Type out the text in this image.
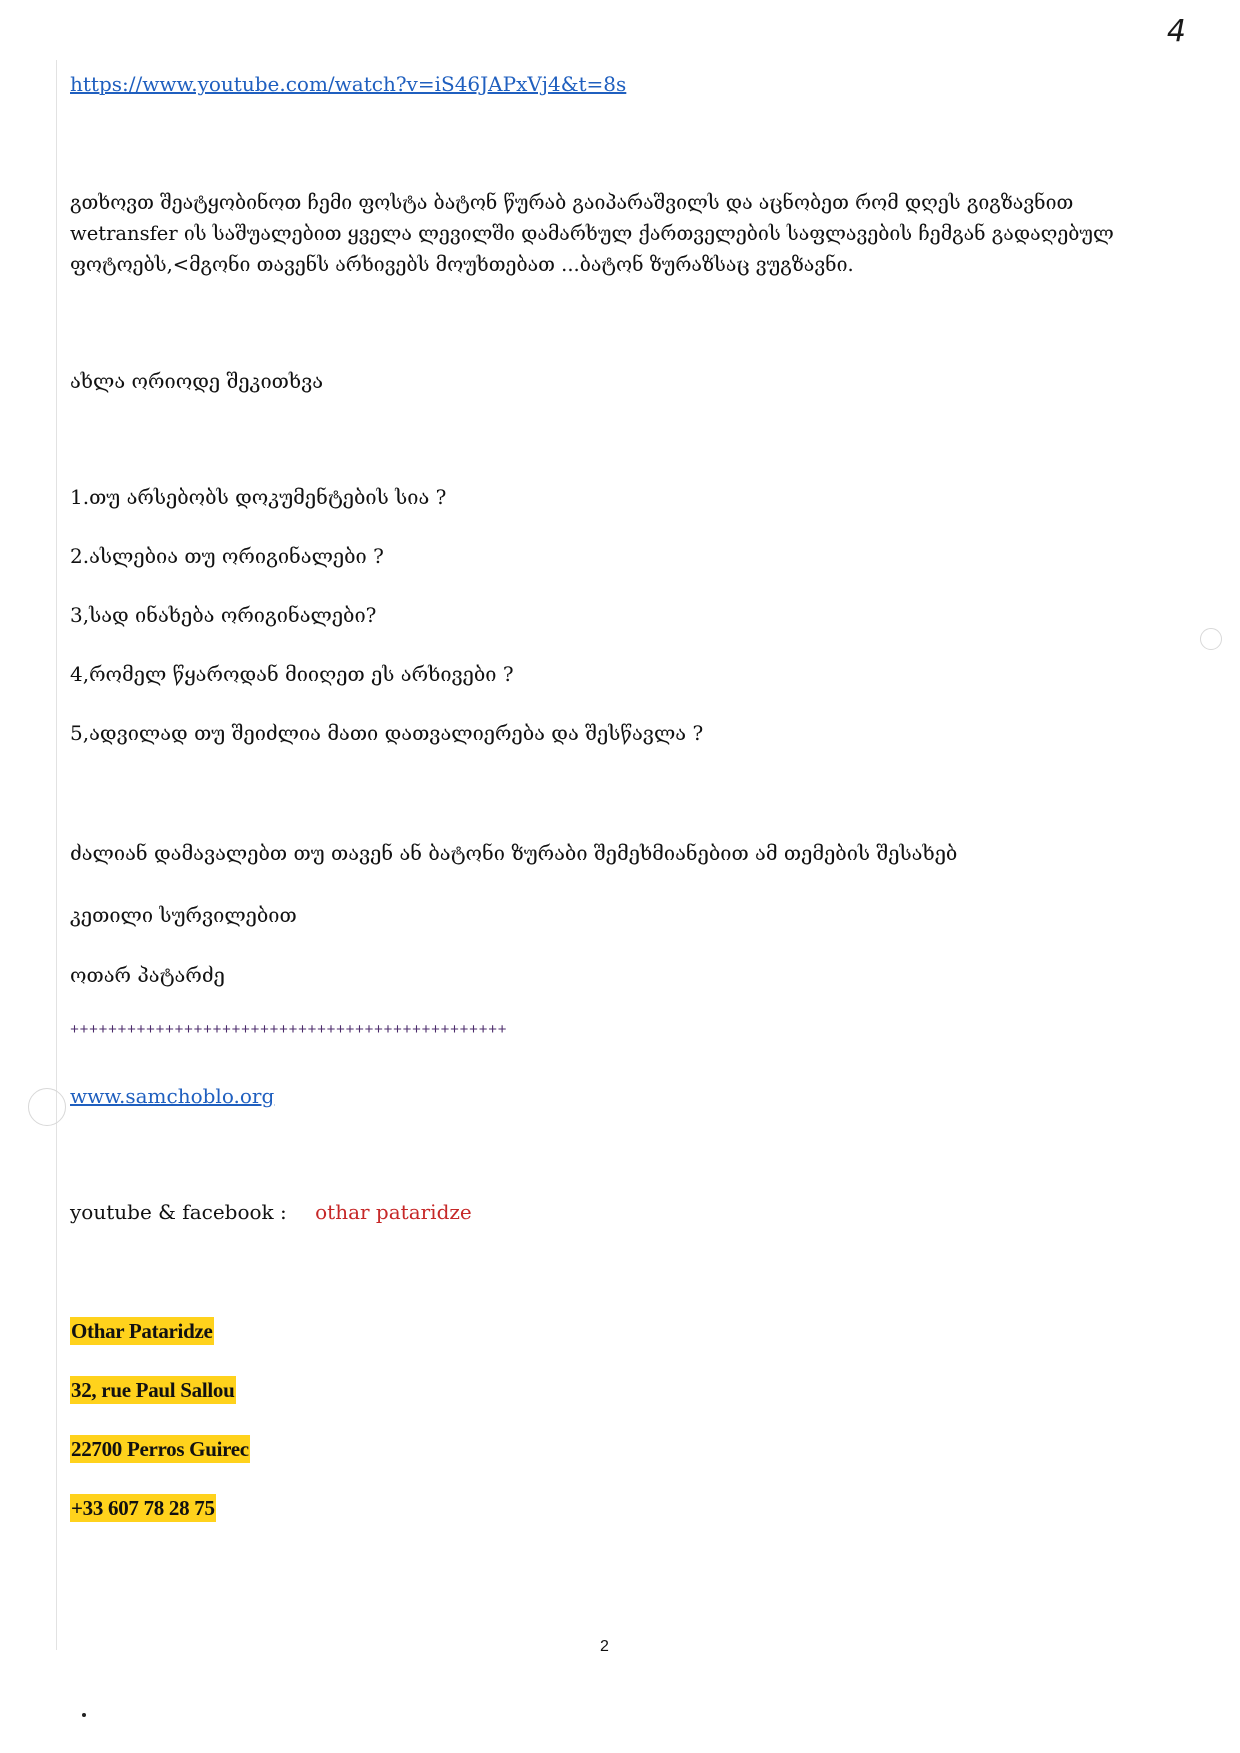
4
https://www.youtube.com/watch?v=iS46JAPxVj4&t=8s
გთხოვთ შეატყობინოთ ჩემი ფოსტა ბატონ წურაბ გაიპარაშვილს და აცნობეთ რომ დღეს გიგზავნით
wetransfer ის საშუალებით ყველა ლევილში დამარხულ ქართველების საფლავების ჩემგან გადაღებულ
ფოტოებს,<მგონი თავენს არხივებს მოუხთებათ ...ბატონ ზურაზსაც ვუგზავნი.
ახლა ორიოდე შეკითხვა
1.თუ არსებობს დოკუმენტების სია ?
2.ასლებია თუ ორიგინალები ?
3,სად ინახება ორიგინალები?
4,რომელ წყაროდან მიიღეთ ეს არხივები ?
5,ადვილად თუ შეიძლია მათი დათვალიერება და შესწავლა ?
ძალიან დამავალებთ თუ თავენ ან ბატონი ზურაბი შემეხმიანებით ამ თემების შესახებ
კეთილი სურვილებით
ოთარ პატარძე
++++++++++++++++++++++++++++++++++++++++++++++
www.samchoblo.org
youtube & facebook : othar pataridze
Othar Pataridze
32, rue Paul Sallou
22700 Perros Guirec
+33 607 78 28 75
2
